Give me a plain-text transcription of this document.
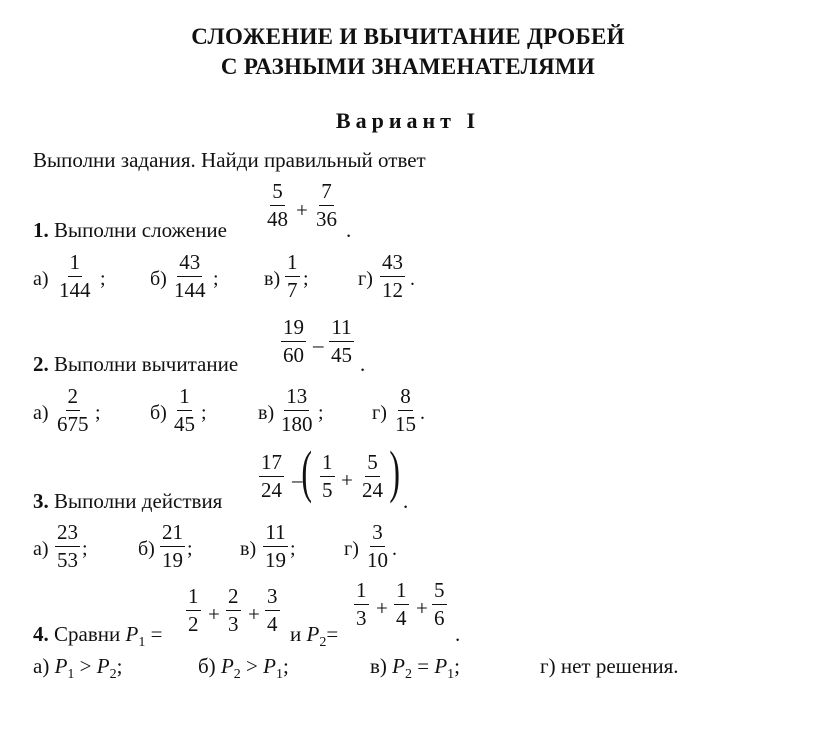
СЛОЖЕНИЕ И ВЫЧИТАНИЕ ДРОБЕЙ
С РАЗНЫМИ ЗНАМЕНАТЕЛЯМИ
Вариант I
Выполни задания. Найди правильный ответ
1. Выполни сложение $\frac{5}{48} + \frac{7}{36}$ .
$а) \frac{1}{144}$ ; $б) \frac{43}{144}$ ; $в) \frac{1}{7}$ ; $г) \frac{43}{12}$ .
2. Выполни вычитание $\frac{19}{60} - \frac{11}{45}$ .
$а) \frac{2}{675}$ ; $б) \frac{1}{45}$ ;	$в) \frac{13}{180}$ ; $г) \frac{8}{15}$ .
3. Выполни действия $\frac{17}{24}$ –
( $\frac{1}{5} + \frac{5}{24}$ ) .
$а) \frac{23}{53}$ ;	$б) \frac{21}{19}$ ; $в) \frac{11}{19}$ ; $г) \frac{3}{10}$ .
4. Сравни $P_1 = \frac{1}{2} + \frac{2}{3} + \frac{3}{4}$ и $P_2=$
$\frac{1}{3} + \frac{1}{4} + \frac{5}{6}$
.
а) $P_1 > P_2$;	б) $P_2 > P_1$;	в) $P_2 = P_1$;	г) нет решения.
